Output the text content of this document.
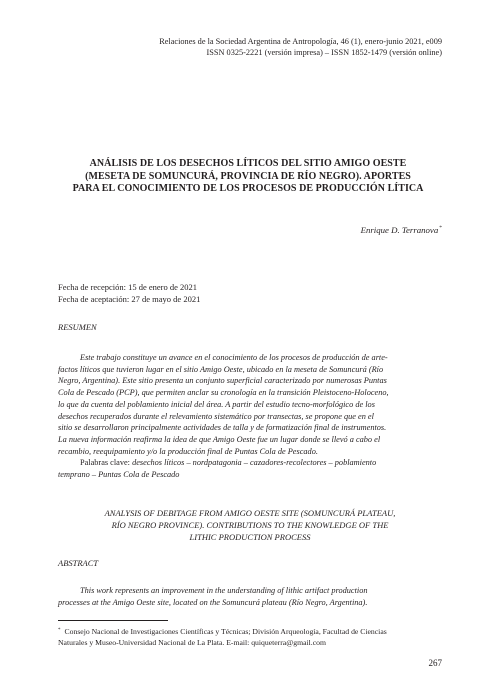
Relaciones de la Sociedad Argentina de Antropología, 46 (1), enero-junio 2021, e009
ISSN 0325-2221 (versión impresa) – ISSN 1852-1479 (versión online)
ANÁLISIS DE LOS DESECHOS LÍTICOS DEL SITIO AMIGO OESTE
(MESETA DE SOMUNCURÁ, PROVINCIA DE RÍO NEGRO). APORTES
PARA EL CONOCIMIENTO DE LOS PROCESOS DE PRODUCCIÓN LÍTICA
Enrique D. Terranova*
Fecha de recepción: 15 de enero de 2021
Fecha de aceptación: 27 de mayo de 2021
RESUMEN
Este trabajo constituye un avance en el conocimiento de los procesos de producción de arte-
factos líticos que tuvieron lugar en el sitio Amigo Oeste, ubicado en la meseta de Somuncurá (Río
Negro, Argentina). Este sitio presenta un conjunto superficial caracterizado por numerosas Puntas
Cola de Pescado (PCP), que permiten anclar su cronología en la transición Pleistoceno-Holoceno,
lo que da cuenta del poblamiento inicial del área. A partir del estudio tecno-morfológico de los
desechos recuperados durante el relevamiento sistemático por transectas, se propone que en el
sitio se desarrollaron principalmente actividades de talla y de formatización final de instrumentos.
La nueva información reafirma la idea de que Amigo Oeste fue un lugar donde se llevó a cabo el
recambio, reequipamiento y/o la producción final de Puntas Cola de Pescado.
Palabras clave: desechos líticos – nordpatagonia – cazadores-recolectores – poblamiento
temprano – Puntas Cola de Pescado
ANALYSIS OF DEBITAGE FROM AMIGO OESTE SITE (SOMUNCURÁ PLATEAU,
RÍO NEGRO PROVINCE). CONTRIBUTIONS TO THE KNOWLEDGE OF THE
LITHIC PRODUCTION PROCESS
ABSTRACT
This work represents an improvement in the understanding of lithic artifact production
processes at the Amigo Oeste site, located on the Somuncurá plateau (Río Negro, Argentina).
* Consejo Nacional de Investigaciones Científicas y Técnicas; División Arqueología, Facultad de Ciencias
Naturales y Museo-Universidad Nacional de La Plata. E-mail: quiqueterra@gmail.com
267
